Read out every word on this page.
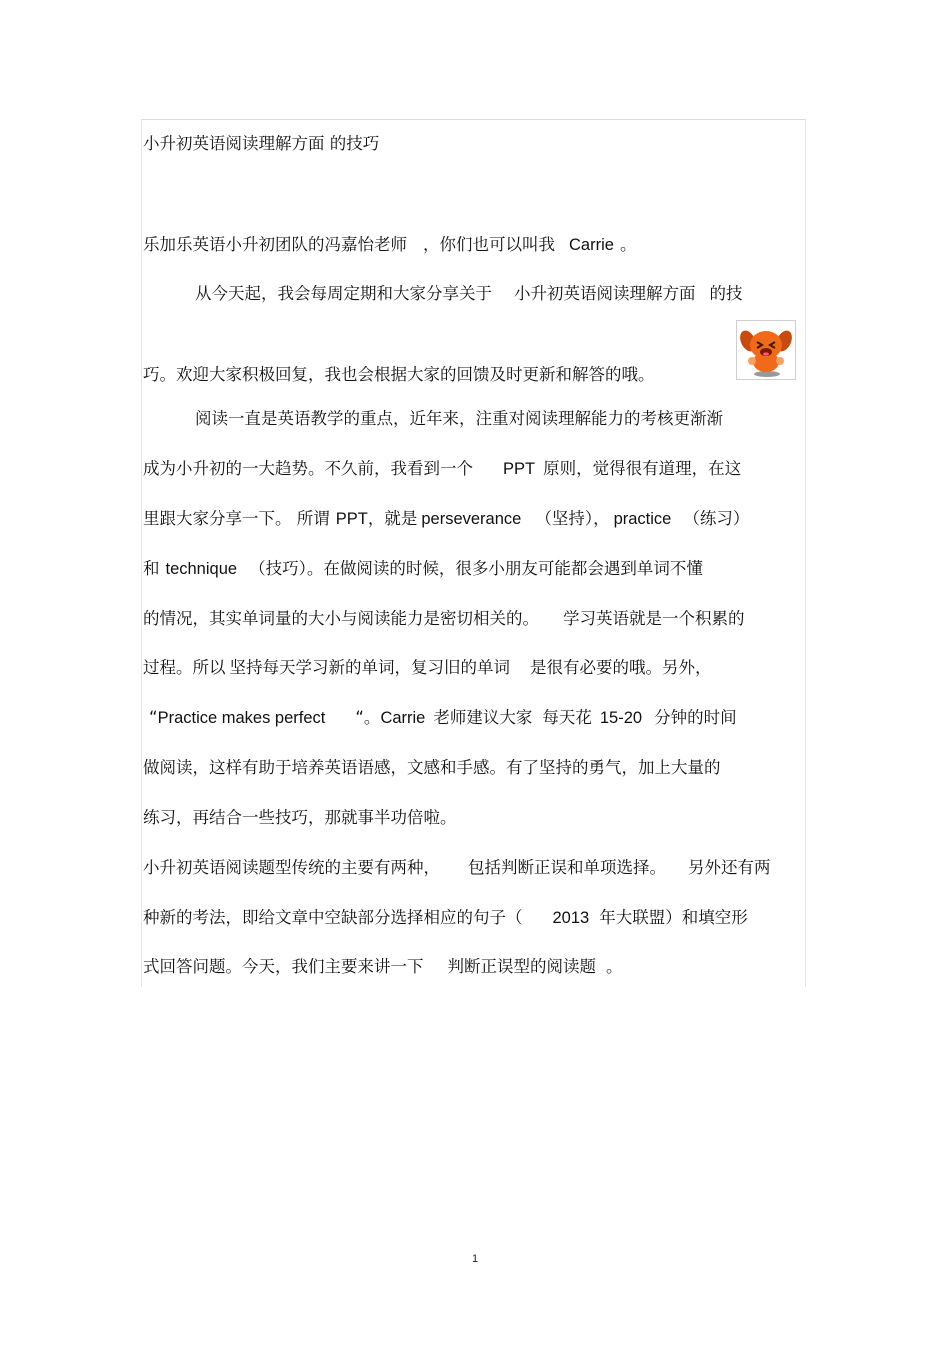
小升初英语阅读理解方面 的技巧
乐加乐英语小升初团队的冯嘉怡老师 ，你们也可以叫我 Carrie 。
从今天起，我会每周定期和大家分享关于 小升初英语阅读理解方面 的技
巧。欢迎大家积极回复，我也会根据大家的回馈及时更新和解答的哦。
阅读一直是英语教学的重点，近年来，注重对阅读理解能力的考核更渐渐
成为小升初的一大趋势。不久前，我看到一个 PPT 原则，觉得很有道理，在这
里跟大家分享一下。 所谓 PPT，就是 perseverance （坚持）， practice （练习）
和 technique （技巧）。在做阅读的时候，很多小朋友可能都会遇到单词不懂
的情况，其实单词量的大小与阅读能力是密切相关的。 学习英语就是一个积累的
过程。所以 坚持每天学习新的单词，复习旧的单词 是很有必要的哦。另外，
“Practice makes perfect “。Carrie 老师建议大家 每天花 15-20 分钟的时间
做阅读，这样有助于培养英语语感，文感和手感。有了坚持的勇气，加上大量的
练习，再结合一些技巧，那就事半功倍啦。
小升初英语阅读题型传统的主要有两种， 包括判断正误和单项选择。 另外还有两
种新的考法，即给文章中空缺部分选择相应的句子（ 2013 年大联盟）和填空形
式回答问题。今天，我们主要来讲一下 判断正误型的阅读题 。
1
